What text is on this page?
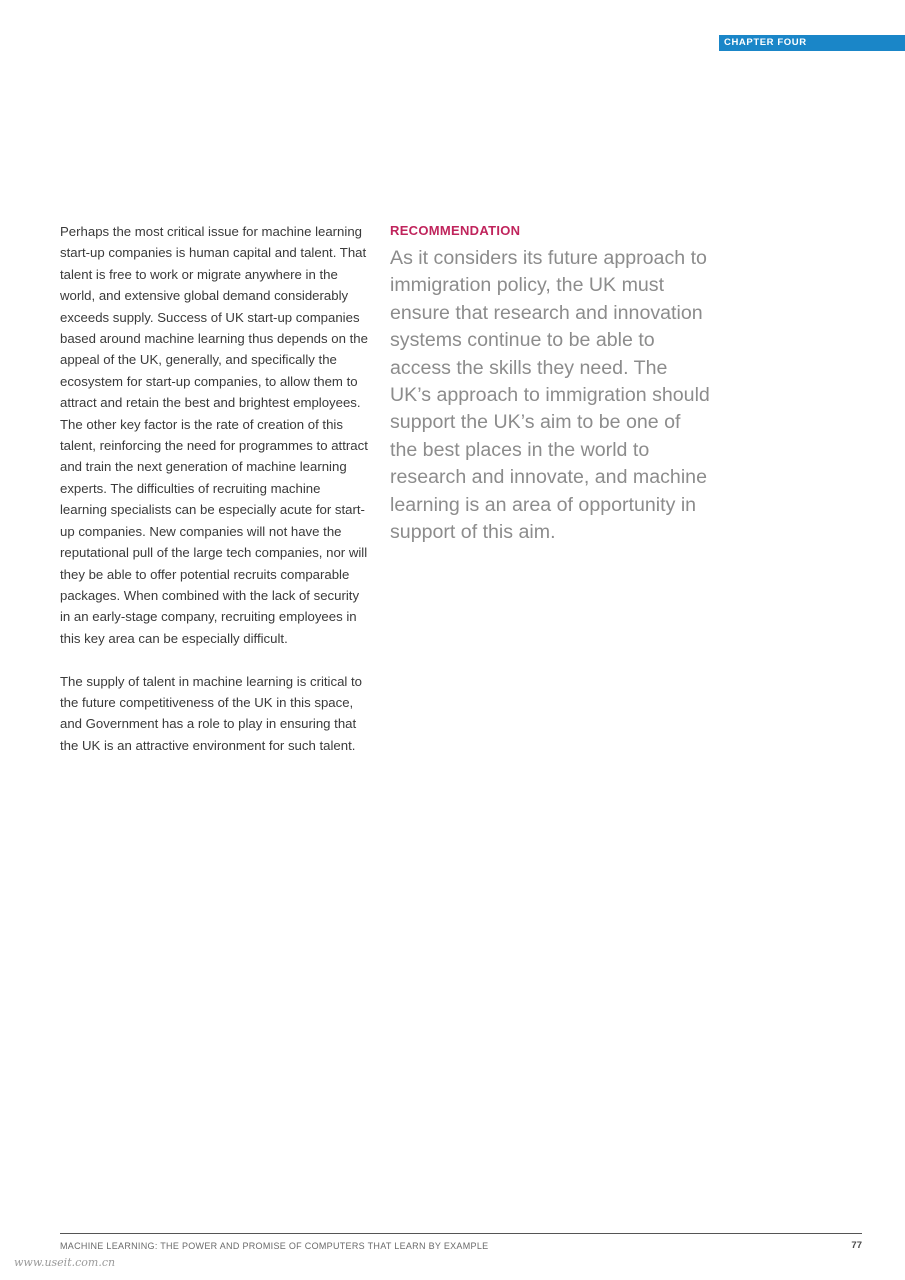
CHAPTER FOUR

Perhaps the most critical issue for machine learning start-up companies is human capital and talent. That talent is free to work or migrate anywhere in the world, and extensive global demand considerably exceeds supply. Success of UK start-up companies based around machine learning thus depends on the appeal of the UK, generally, and specifically the ecosystem for start-up companies, to allow them to attract and retain the best and brightest employees. The other key factor is the rate of creation of this talent, reinforcing the need for programmes to attract and train the next generation of machine learning experts. The difficulties of recruiting machine learning specialists can be especially acute for start-up companies. New companies will not have the reputational pull of the large tech companies, nor will they be able to offer potential recruits comparable packages. When combined with the lack of security in an early-stage company, recruiting employees in this key area can be especially difficult.

The supply of talent in machine learning is critical to the future competitiveness of the UK in this space, and Government has a role to play in ensuring that the UK is an attractive environment for such talent.

RECOMMENDATION

As it considers its future approach to immigration policy, the UK must ensure that research and innovation systems continue to be able to access the skills they need. The UK’s approach to immigration should support the UK’s aim to be one of the best places in the world to research and innovate, and machine learning is an area of opportunity in support of this aim.

MACHINE LEARNING: THE POWER AND PROMISE OF COMPUTERS THAT LEARN BY EXAMPLE	77
www.useit.com.cn
